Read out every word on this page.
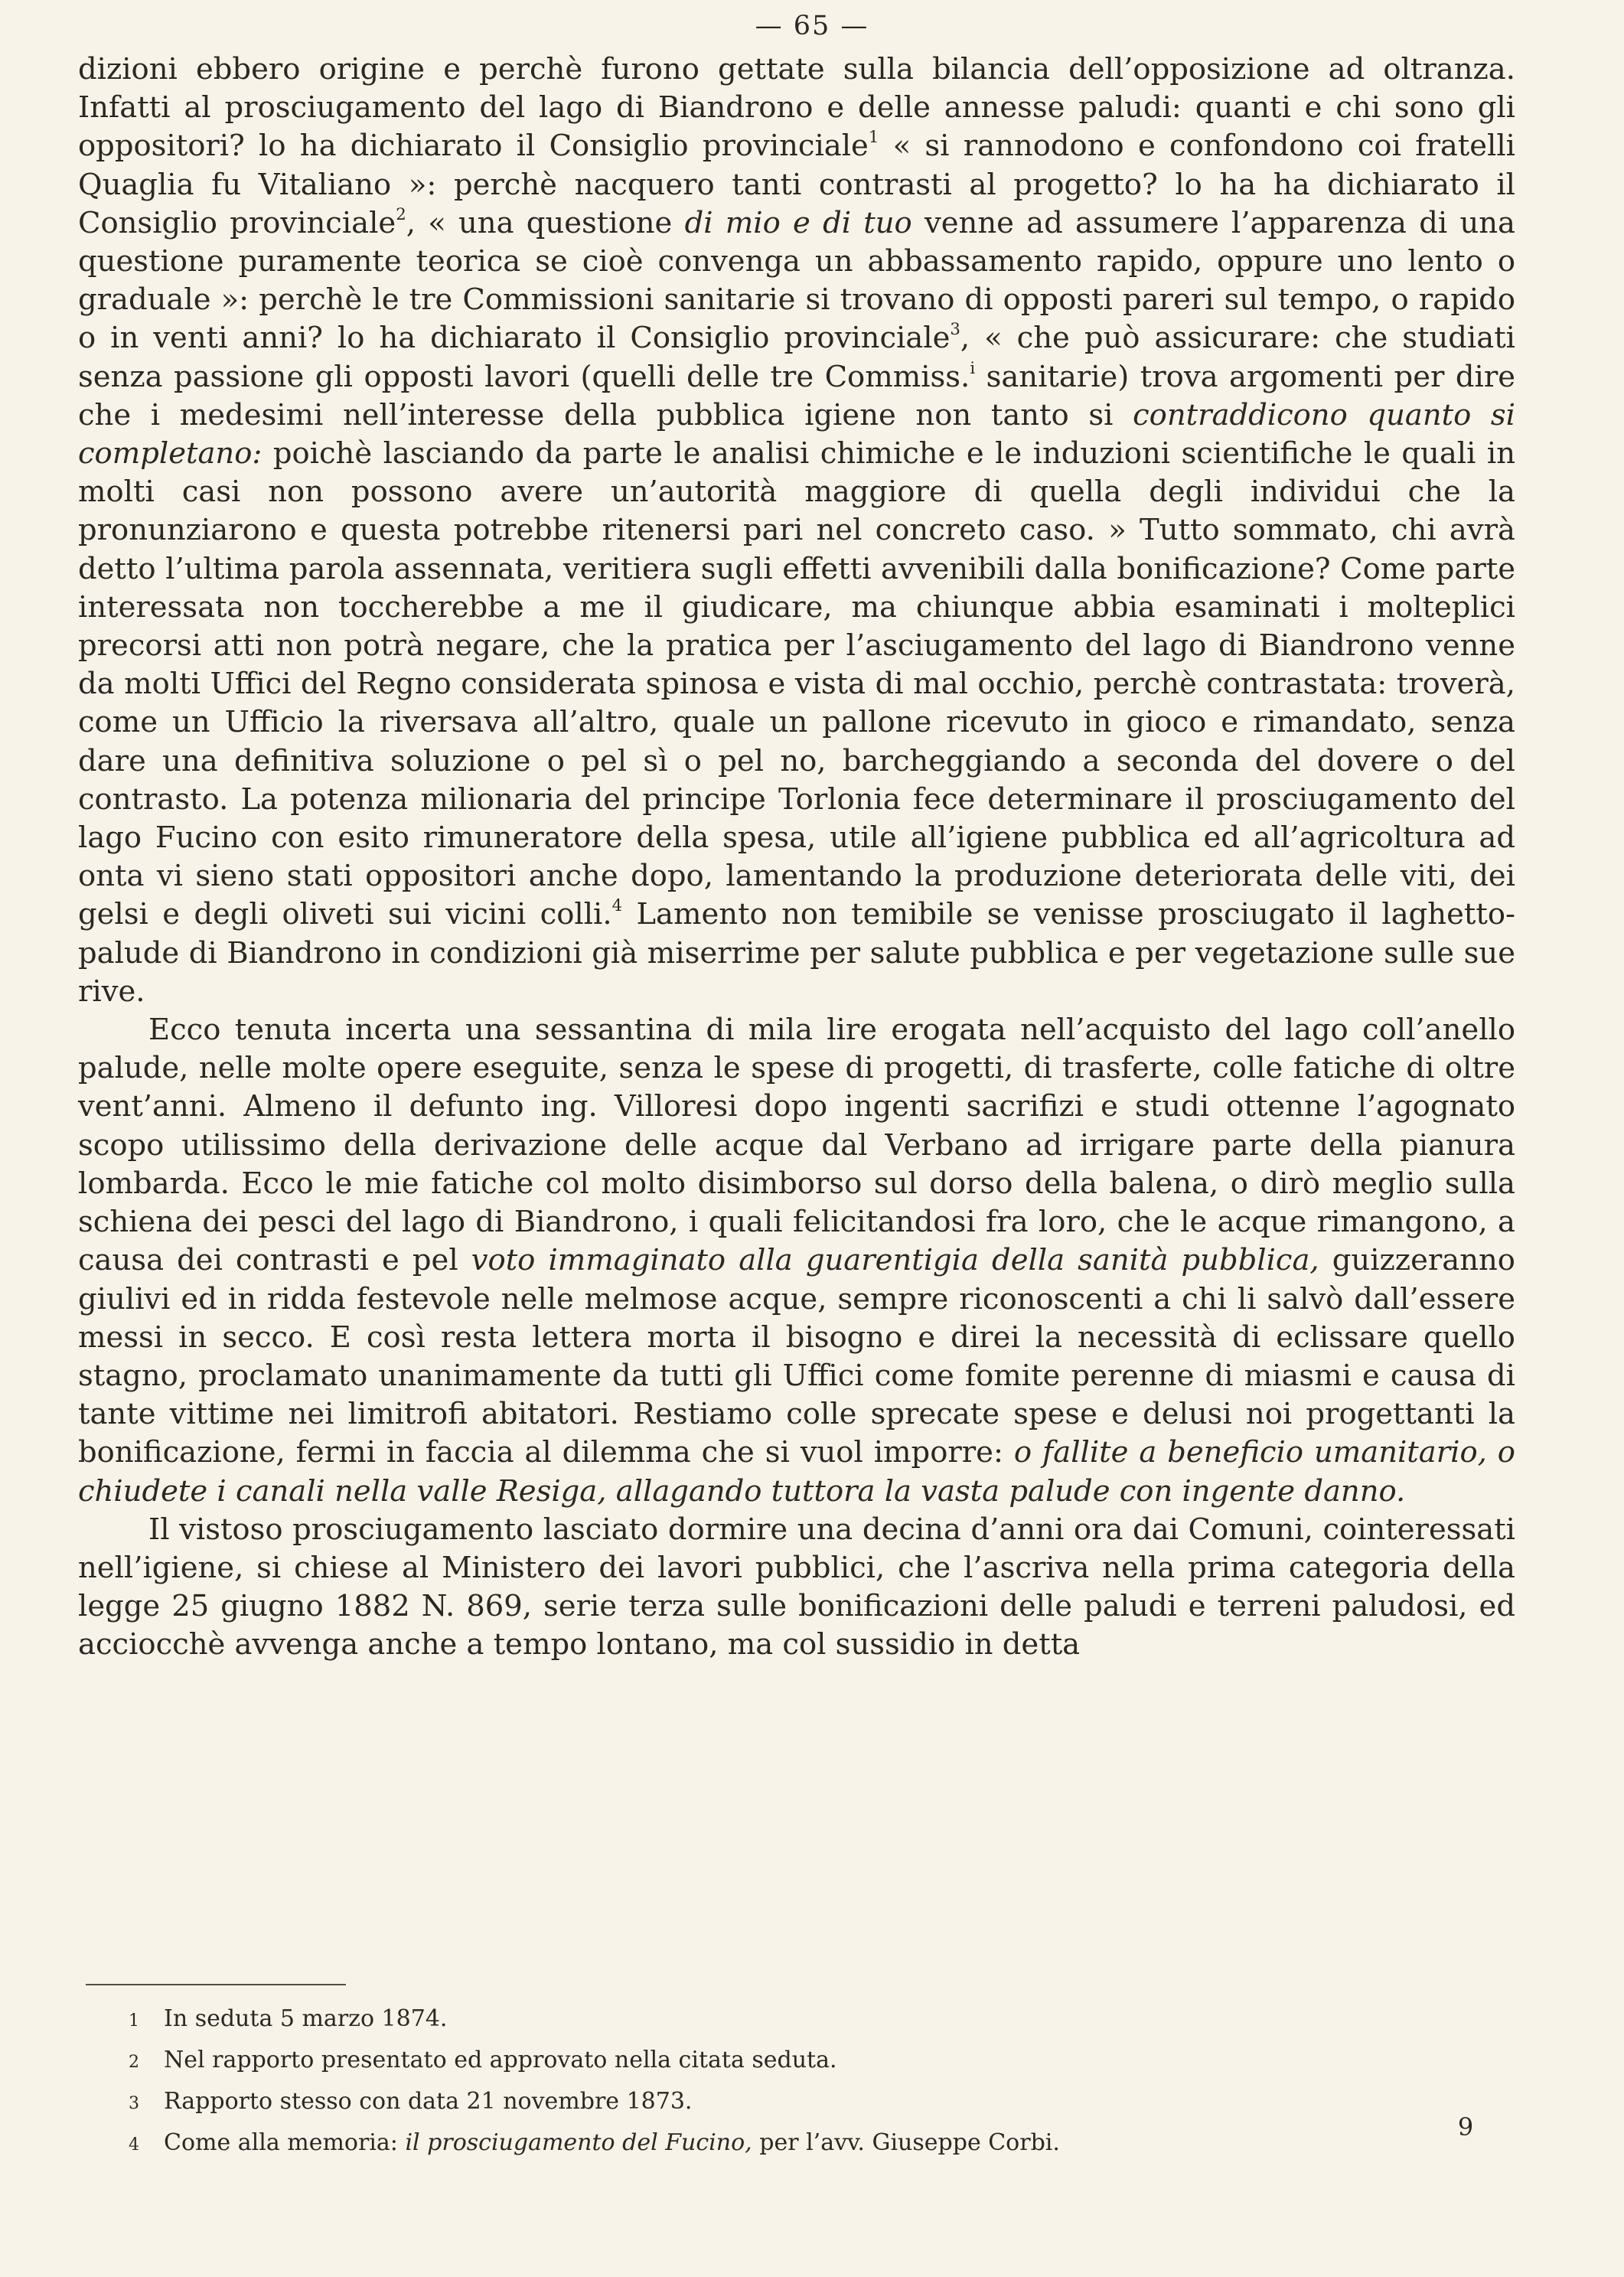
— 65 —

dizioni ebbero origine e perchè furono gettate sulla bilancia dell’opposizione ad oltranza. Infatti al prosciugamento del lago di Biandrono e delle annesse paludi: quanti e chi sono gli oppositori? lo ha dichiarato il Consiglio provinciale$^1$ « si rannodono e confondono coi fratelli Quaglia fu Vitaliano »: perchè nacquero tanti contrasti al progetto? lo ha ha dichiarato il Consiglio provinciale$^2$, « una questione di mio e di tuo venne ad assumere l’apparenza di una questione puramente teorica se cioè convenga un abbassamento rapido, oppure uno lento o graduale »: perchè le tre Commissioni sanitarie si trovano di opposti pareri sul tempo, o rapido o in venti anni? lo ha dichiarato il Consiglio provinciale$^3$, « che può assicurare: che studiati senza passione gli opposti lavori (quelli delle tre Commiss.$^i$ sanitarie) trova argomenti per dire che i medesimi nell’interesse della pubblica igiene non tanto si contraddicono quanto si completano: poichè lasciando da parte le analisi chimiche e le induzioni scientifiche le quali in molti casi non possono avere un’autorità maggiore di quella degli individui che la pronunziarono e questa potrebbe ritenersi pari nel concreto caso. » Tutto sommato, chi avrà detto l’ultima parola assennata, veritiera sugli effetti avvenibili dalla bonificazione? Come parte interessata non toccherebbe a me il giudicare, ma chiunque abbia esaminati i molteplici precorsi atti non potrà negare, che la pratica per l’asciugamento del lago di Biandrono venne da molti Uffici del Regno considerata spinosa e vista di mal occhio, perchè contrastata: troverà, come un Ufficio la riversava all’altro, quale un pallone ricevuto in gioco e rimandato, senza dare una definitiva soluzione o pel sì o pel no, barcheggiando a seconda del dovere o del contrasto. La potenza milionaria del principe Torlonia fece determinare il prosciugamento del lago Fucino con esito rimuneratore della spesa, utile all’igiene pubblica ed all’agricoltura ad onta vi sieno stati oppositori anche dopo, lamentando la produzione deteriorata delle viti, dei gelsi e degli oliveti sui vicini colli.$^4$ Lamento non temibile se venisse prosciugato il laghetto-palude di Biandrono in condizioni già miserrime per salute pubblica e per vegetazione sulle sue rive.

Ecco tenuta incerta una sessantina di mila lire erogata nell’acquisto del lago coll’anello palude, nelle molte opere eseguite, senza le spese di progetti, di trasferte, colle fatiche di oltre vent’anni. Almeno il defunto ing. Villoresi dopo ingenti sacrifizi e studi ottenne l’agognato scopo utilissimo della derivazione delle acque dal Verbano ad irrigare parte della pianura lombarda. Ecco le mie fatiche col molto disimborso sul dorso della balena, o dirò meglio sulla schiena dei pesci del lago di Biandrono, i quali felicitandosi fra loro, che le acque rimangono, a causa dei contrasti e pel voto immaginato alla guarentigia della sanità pubblica, guizzeranno giulivi ed in ridda festevole nelle melmose acque, sempre riconoscenti a chi li salvò dall’essere messi in secco. E così resta lettera morta il bisogno e direi la necessità di eclissare quello stagno, proclamato unanimamente da tutti gli Uffici come fomite perenne di miasmi e causa di tante vittime nei limitrofi abitatori. Restiamo colle sprecate spese e delusi noi progettanti la bonificazione, fermi in faccia al dilemma che si vuol imporre: o fallite a beneficio umanitario, o chiudete i canali nella valle Resiga, allagando tuttora la vasta palude con ingente danno.

Il vistoso prosciugamento lasciato dormire una decina d’anni ora dai Comuni, cointeressati nell’igiene, si chiese al Ministero dei lavori pubblici, che l’ascriva nella prima categoria della legge 25 giugno 1882 N. 869, serie terza sulle bonificazioni delle paludi e terreni paludosi, ed acciocchè avvenga anche a tempo lontano, ma col sussidio in detta

1	In seduta 5 marzo 1874.
2	Nel rapporto presentato ed approvato nella citata seduta.
3	Rapporto stesso con data 21 novembre 1873.
4	Come alla memoria: il prosciugamento del Fucino, per l’avv. Giuseppe Corbi.
9
